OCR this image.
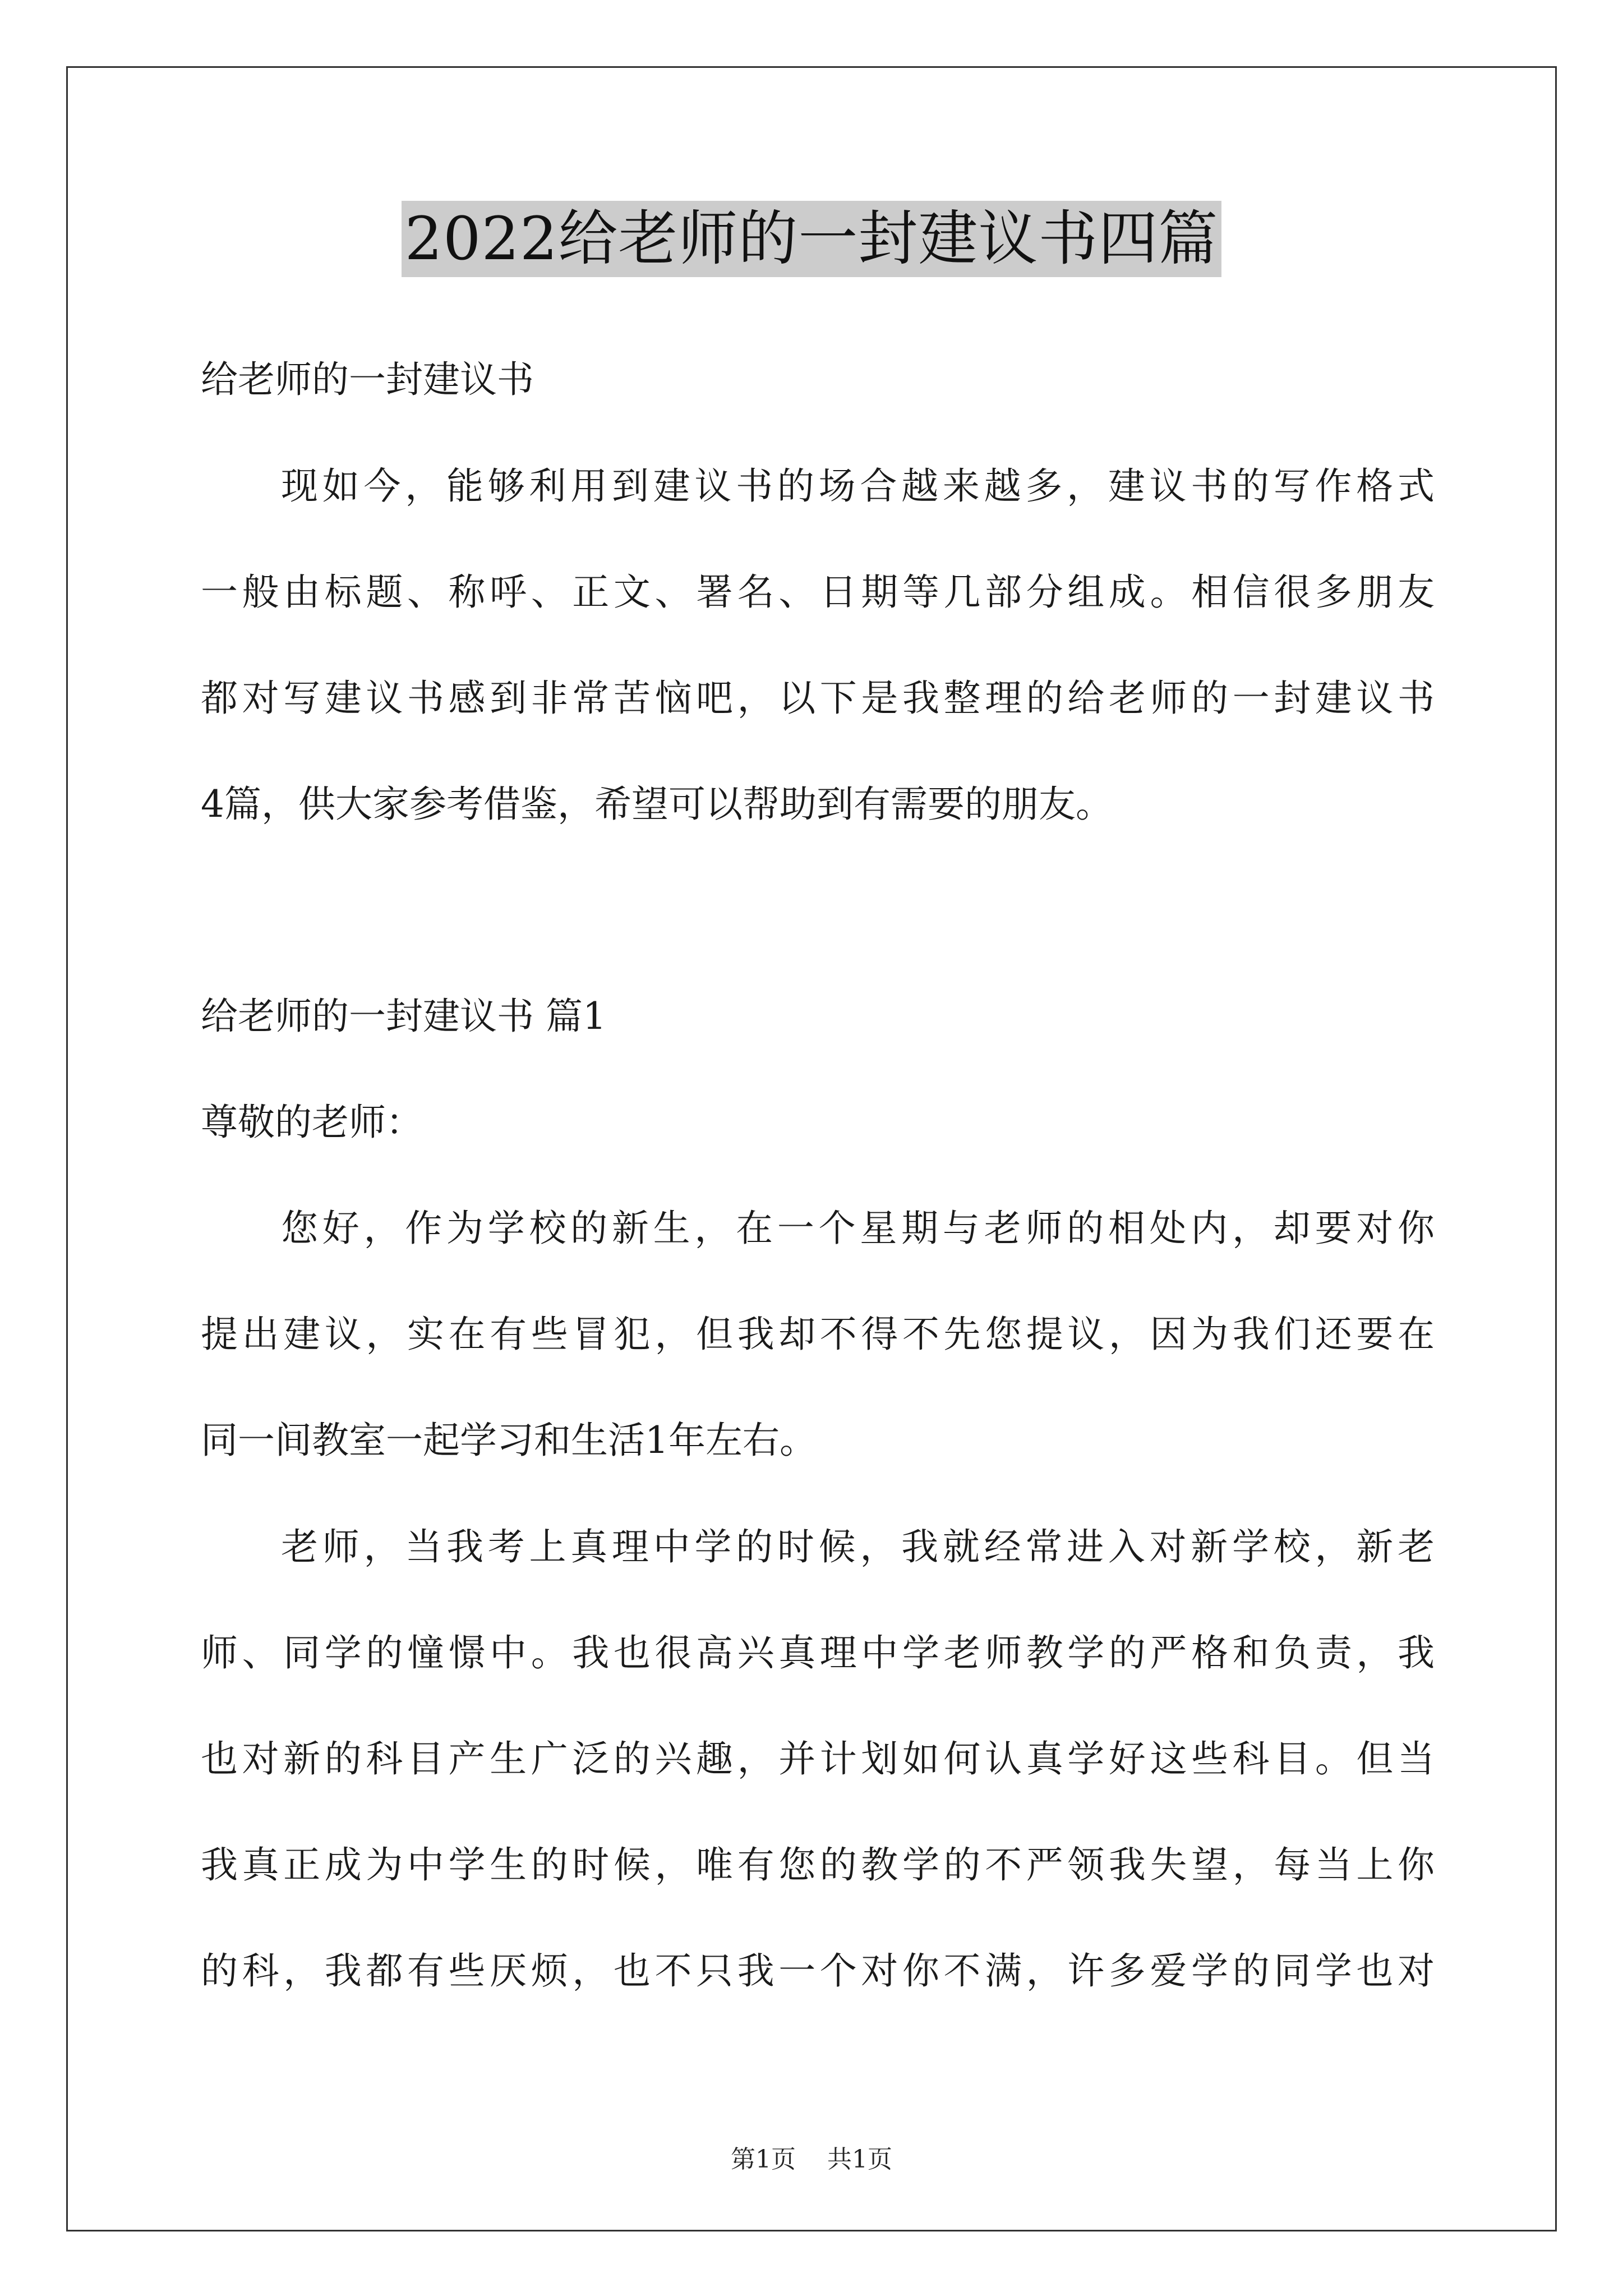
2022给老师的一封建议书四篇
给老师的一封建议书
现如今，能够利用到建议书的场合越来越多，建议书的写作格式
一般由标题、称呼、正文、署名、日期等几部分组成。相信很多朋友
都对写建议书感到非常苦恼吧，以下是我整理的给老师的一封建议书
4篇，供大家参考借鉴，希望可以帮助到有需要的朋友。
给老师的一封建议书 篇1
尊敬的老师：
您好，作为学校的新生，在一个星期与老师的相处内，却要对你
提出建议，实在有些冒犯，但我却不得不先您提议，因为我们还要在
同一间教室一起学习和生活1年左右。
老师，当我考上真理中学的时候，我就经常进入对新学校，新老
师、同学的憧憬中。我也很高兴真理中学老师教学的严格和负责，我
也对新的科目产生广泛的兴趣，并计划如何认真学好这些科目。但当
我真正成为中学生的时候，唯有您的教学的不严领我失望，每当上你
的科，我都有些厌烦，也不只我一个对你不满，许多爱学的同学也对
第1页 共1页
